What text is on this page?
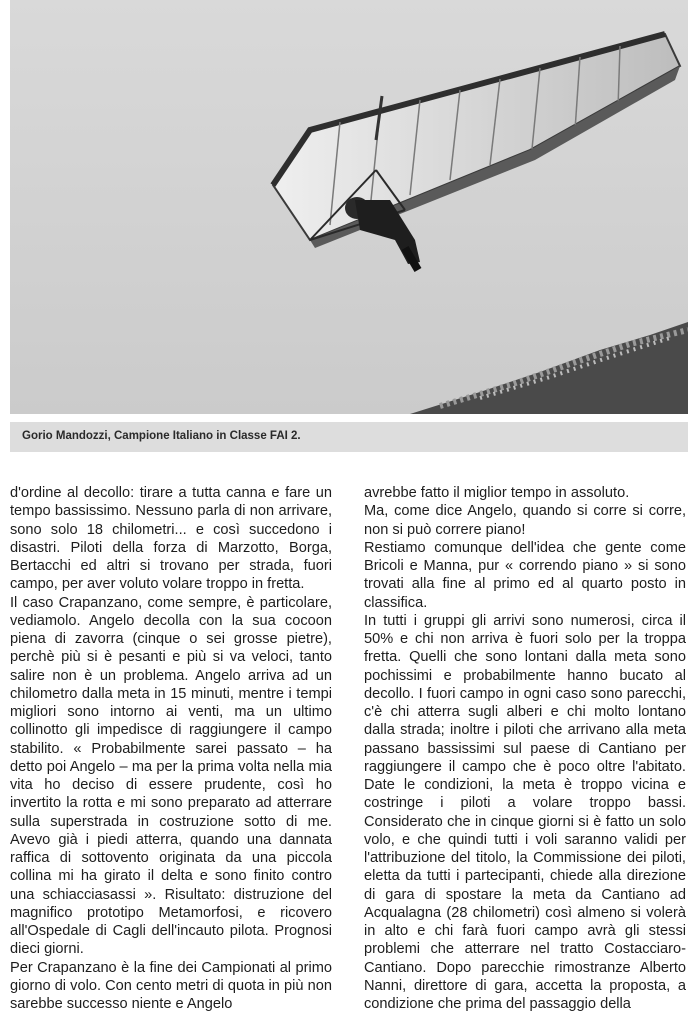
Gorio Mandozzi, Campione Italiano in Classe FAI 2.

d'ordine al decollo: tirare a tutta canna e fare un tempo bassissimo. Nessuno parla di non arrivare, sono solo 18 chilometri... e così succedono i disastri. Piloti della forza di Marzotto, Borga, Bertacchi ed altri si trovano per strada, fuori campo, per aver voluto volare troppo in fretta.

Il caso Crapanzano, come sempre, è particolare, vediamolo. Angelo decolla con la sua cocoon piena di zavorra (cinque o sei grosse pietre), perchè più si è pesanti e più si va veloci, tanto salire non è un problema. Angelo arriva ad un chilometro dalla meta in 15 minuti, mentre i tempi migliori sono intorno ai venti, ma un ultimo collinotto gli impedisce di raggiungere il campo stabilito. « Probabilmente sarei passato – ha detto poi Angelo – ma per la prima volta nella mia vita ho deciso di essere prudente, così ho invertito la rotta e mi sono preparato ad atterrare sulla superstrada in costruzione sotto di me. Avevo già i piedi atterra, quando una dannata raffica di sottovento originata da una piccola collina mi ha girato il delta e sono finito contro una schiacciasassi ». Risultato: distruzione del magnifico prototipo Metamorfosi, e ricovero all'Ospedale di Cagli dell'incauto pilota. Prognosi dieci giorni.

Per Crapanzano è la fine dei Campionati al primo giorno di volo. Con cento metri di quota in più non sarebbe successo niente e Angelo

avrebbe fatto il miglior tempo in assoluto.

Ma, come dice Angelo, quando si corre si corre, non si può correre piano!

Restiamo comunque dell'idea che gente come Bricoli e Manna, pur « correndo piano » si sono trovati alla fine al primo ed al quarto posto in classifica.

In tutti i gruppi gli arrivi sono numerosi, circa il 50% e chi non arriva è fuori solo per la troppa fretta. Quelli che sono lontani dalla meta sono pochissimi e probabilmente hanno bucato al decollo. I fuori campo in ogni caso sono parecchi, c'è chi atterra sugli alberi e chi molto lontano dalla strada; inoltre i piloti che arrivano alla meta passano bassissimi sul paese di Cantiano per raggiungere il campo che è poco oltre l'abitato. Date le condizioni, la meta è troppo vicina e costringe i piloti a volare troppo bassi. Considerato che in cinque giorni si è fatto un solo volo, e che quindi tutti i voli saranno validi per l'attribuzione del titolo, la Commissione dei piloti, eletta da tutti i partecipanti, chiede alla direzione di gara di spostare la meta da Cantiano ad Acqualagna (28 chilometri) così almeno si volerà in alto e chi farà fuori campo avrà gli stessi problemi che atterrare nel tratto Costacciaro-Cantiano. Dopo parecchie rimostranze Alberto Nanni, direttore di gara, accetta la proposta, a condizione che prima del passaggio della
